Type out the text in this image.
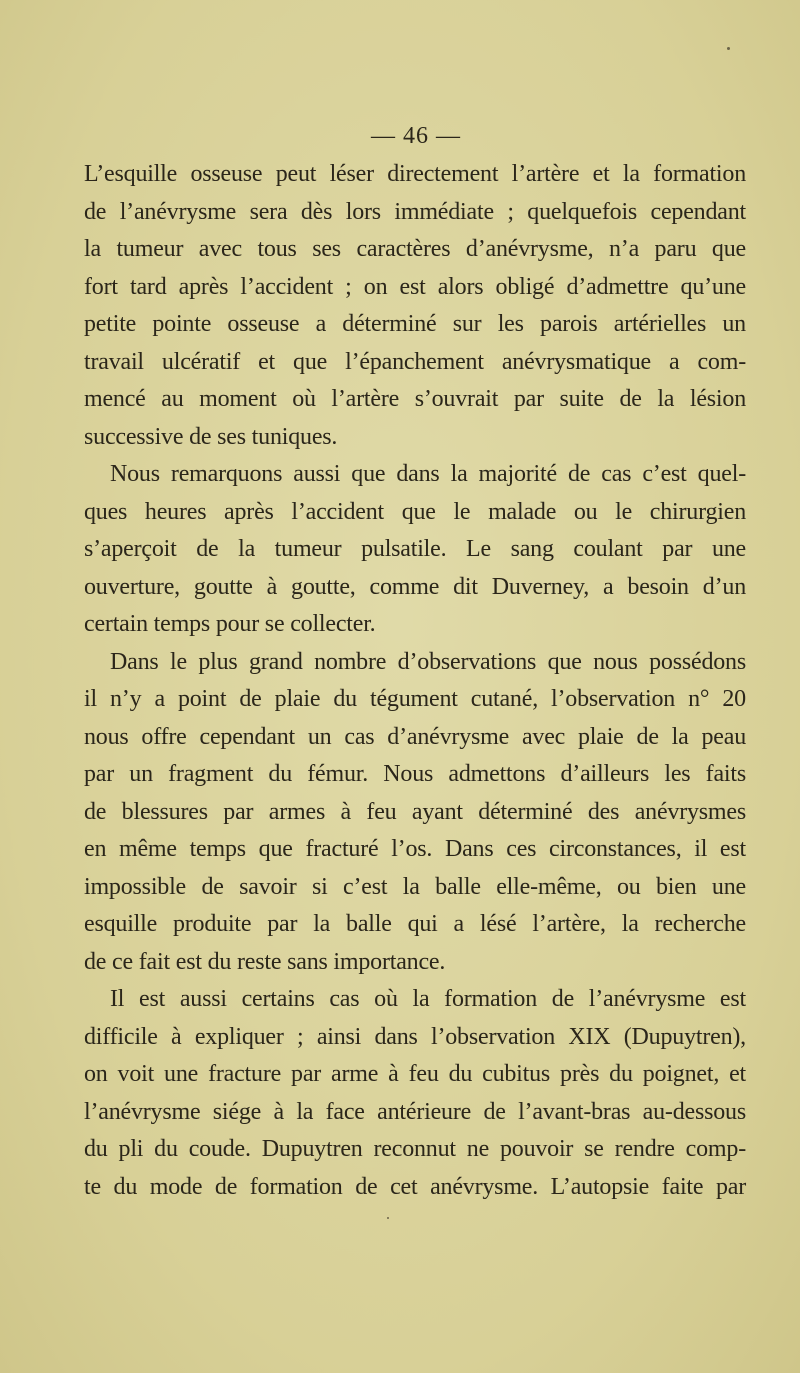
— 46 —
L’esquille osseuse peut léser directement l’artère et la formation
de l’anévrysme sera dès lors immédiate ; quelquefois cependant
la tumeur avec tous ses caractères d’anévrysme, n’a paru que
fort tard après l’accident ; on est alors obligé d’admettre qu’une
petite pointe osseuse a déterminé sur les parois artérielles un
travail ulcératif et que l’épanchement anévrysmatique a com-
mencé au moment où l’artère s’ouvrait par suite de la lésion
successive de ses tuniques.
Nous remarquons aussi que dans la majorité de cas c’est quel-
ques heures après l’accident que le malade ou le chirurgien
s’aperçoit de la tumeur pulsatile. Le sang coulant par une
ouverture, goutte à goutte, comme dit Duverney, a besoin d’un
certain temps pour se collecter.
Dans le plus grand nombre d’observations que nous possédons
il n’y a point de plaie du tégument cutané, l’observation n° 20
nous offre cependant un cas d’anévrysme avec plaie de la peau
par un fragment du fémur. Nous admettons d’ailleurs les faits
de blessures par armes à feu ayant déterminé des anévrysmes
en même temps que fracturé l’os. Dans ces circonstances, il est
impossible de savoir si c’est la balle elle-même, ou bien une
esquille produite par la balle qui a lésé l’artère, la recherche
de ce fait est du reste sans importance.
Il est aussi certains cas où la formation de l’anévrysme est
difficile à expliquer ; ainsi dans l’observation XIX (Dupuytren),
on voit une fracture par arme à feu du cubitus près du poignet, et
l’anévrysme siége à la face antérieure de l’avant-bras au-dessous
du pli du coude. Dupuytren reconnut ne pouvoir se rendre comp-
te du mode de formation de cet anévrysme. L’autopsie faite par
